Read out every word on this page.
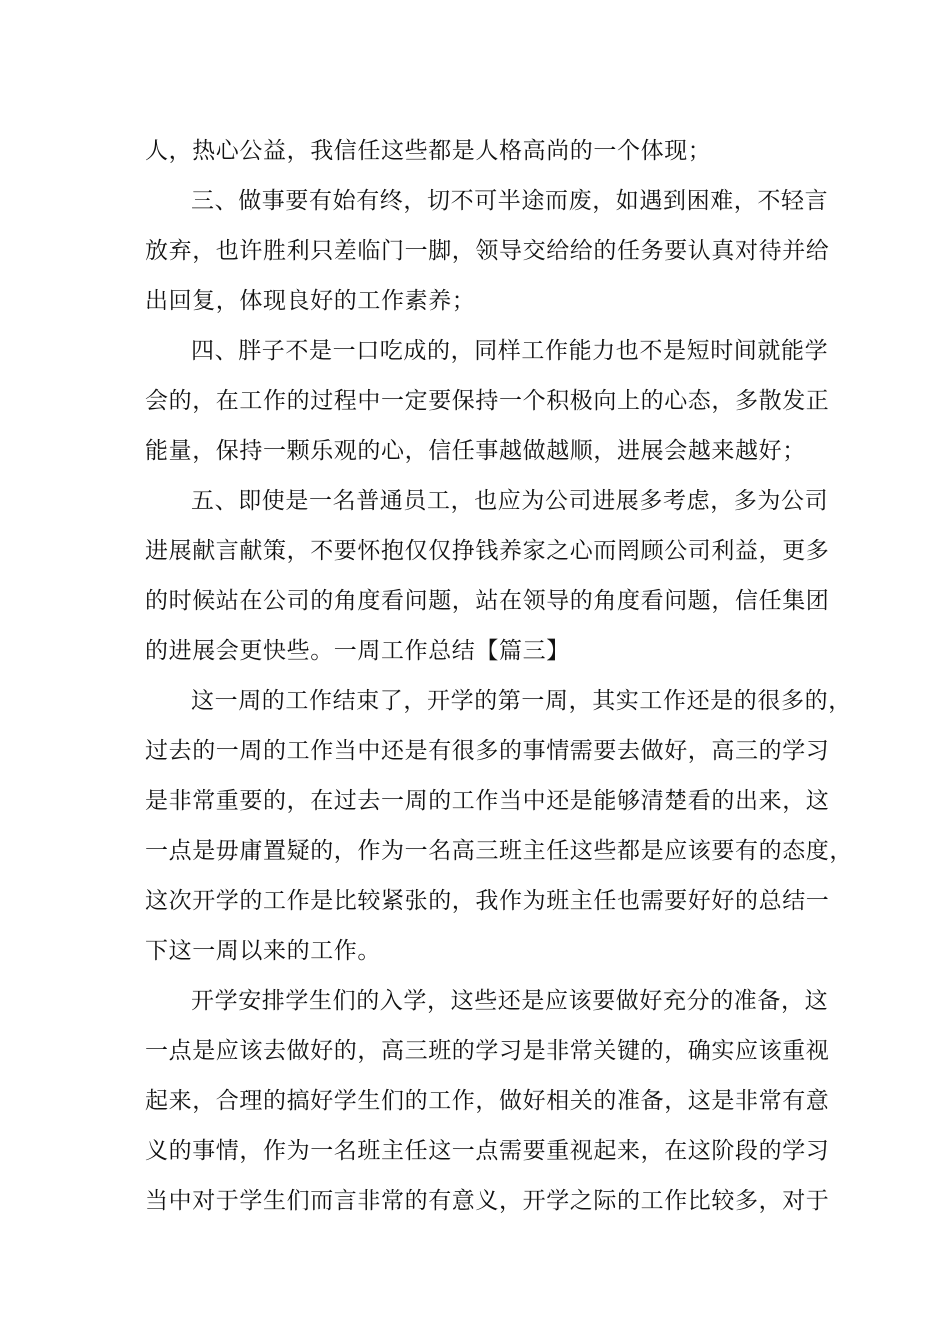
人，热心公益，我信任这些都是人格高尚的一个体现；
三、做事要有始有终，切不可半途而废，如遇到困难，不轻言
放弃，也许胜利只差临门一脚，领导交给给的任务要认真对待并给
出回复，体现良好的工作素养；
四、胖子不是一口吃成的，同样工作能力也不是短时间就能学
会的，在工作的过程中一定要保持一个积极向上的心态，多散发正
能量，保持一颗乐观的心，信任事越做越顺，进展会越来越好；
五、即使是一名普通员工，也应为公司进展多考虑，多为公司
进展献言献策，不要怀抱仅仅挣钱养家之心而罔顾公司利益，更多
的时候站在公司的角度看问题，站在领导的角度看问题，信任集团
的进展会更快些。一周工作总结【篇三】
这一周的工作结束了，开学的第一周，其实工作还是的很多的，
过去的一周的工作当中还是有很多的事情需要去做好，高三的学习
是非常重要的，在过去一周的工作当中还是能够清楚看的出来，这
一点是毋庸置疑的，作为一名高三班主任这些都是应该要有的态度，
这次开学的工作是比较紧张的，我作为班主任也需要好好的总结一
下这一周以来的工作。
开学安排学生们的入学，这些还是应该要做好充分的准备，这
一点是应该去做好的，高三班的学习是非常关键的，确实应该重视
起来，合理的搞好学生们的工作，做好相关的准备，这是非常有意
义的事情，作为一名班主任这一点需要重视起来，在这阶段的学习
当中对于学生们而言非常的有意义，开学之际的工作比较多，对于
